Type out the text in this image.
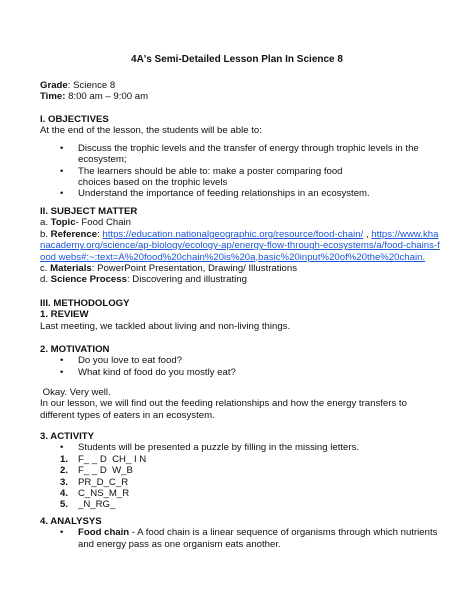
4A's Semi-Detailed Lesson Plan In Science 8
Grade: Science 8
Time: 8:00 am – 9:00 am
I. OBJECTIVES
At the end of the lesson, the students will be able to:
• Discuss the trophic levels and the transfer of energy through trophic levels in the ecosystem;
• The learners should be able to: make a poster comparing food choices based on the trophic levels
• Understand the importance of feeding relationships in an ecosystem.
II. SUBJECT MATTER
a. Topic- Food Chain
b. Reference: https://education.nationalgeographic.org/resource/food-chain/ , https://www.khanacademy.org/science/ap-biology/ecology-ap/energy-flow-through-ecosystems/a/food-chains-food webs#:~:text=A%20food%20chain%20is%20a,basic%20input%20of%20the%20chain.
c. Materials: PowerPoint Presentation, Drawing/ Illustrations
d. Science Process: Discovering and illustrating
III. METHODOLOGY
1. REVIEW
Last meeting, we tackled about living and non-living things.
2. MOTIVATION
• Do you love to eat food?
• What kind of food do you mostly eat?
Okay. Very well.
In our lesson, we will find out the feeding relationships and how the energy transfers to different types of eaters in an ecosystem.
3. ACTIVITY
• Students will be presented a puzzle by filling in the missing letters.
1. F_ _ D  CH_ I N
2. F_ _ D  W_B
3. PR_D_C_R
4. C_NS_M_R
5. _N_RG_
4. ANALYSYS
• Food chain - A food chain is a linear sequence of organisms through which nutrients and energy pass as one organism eats another.
